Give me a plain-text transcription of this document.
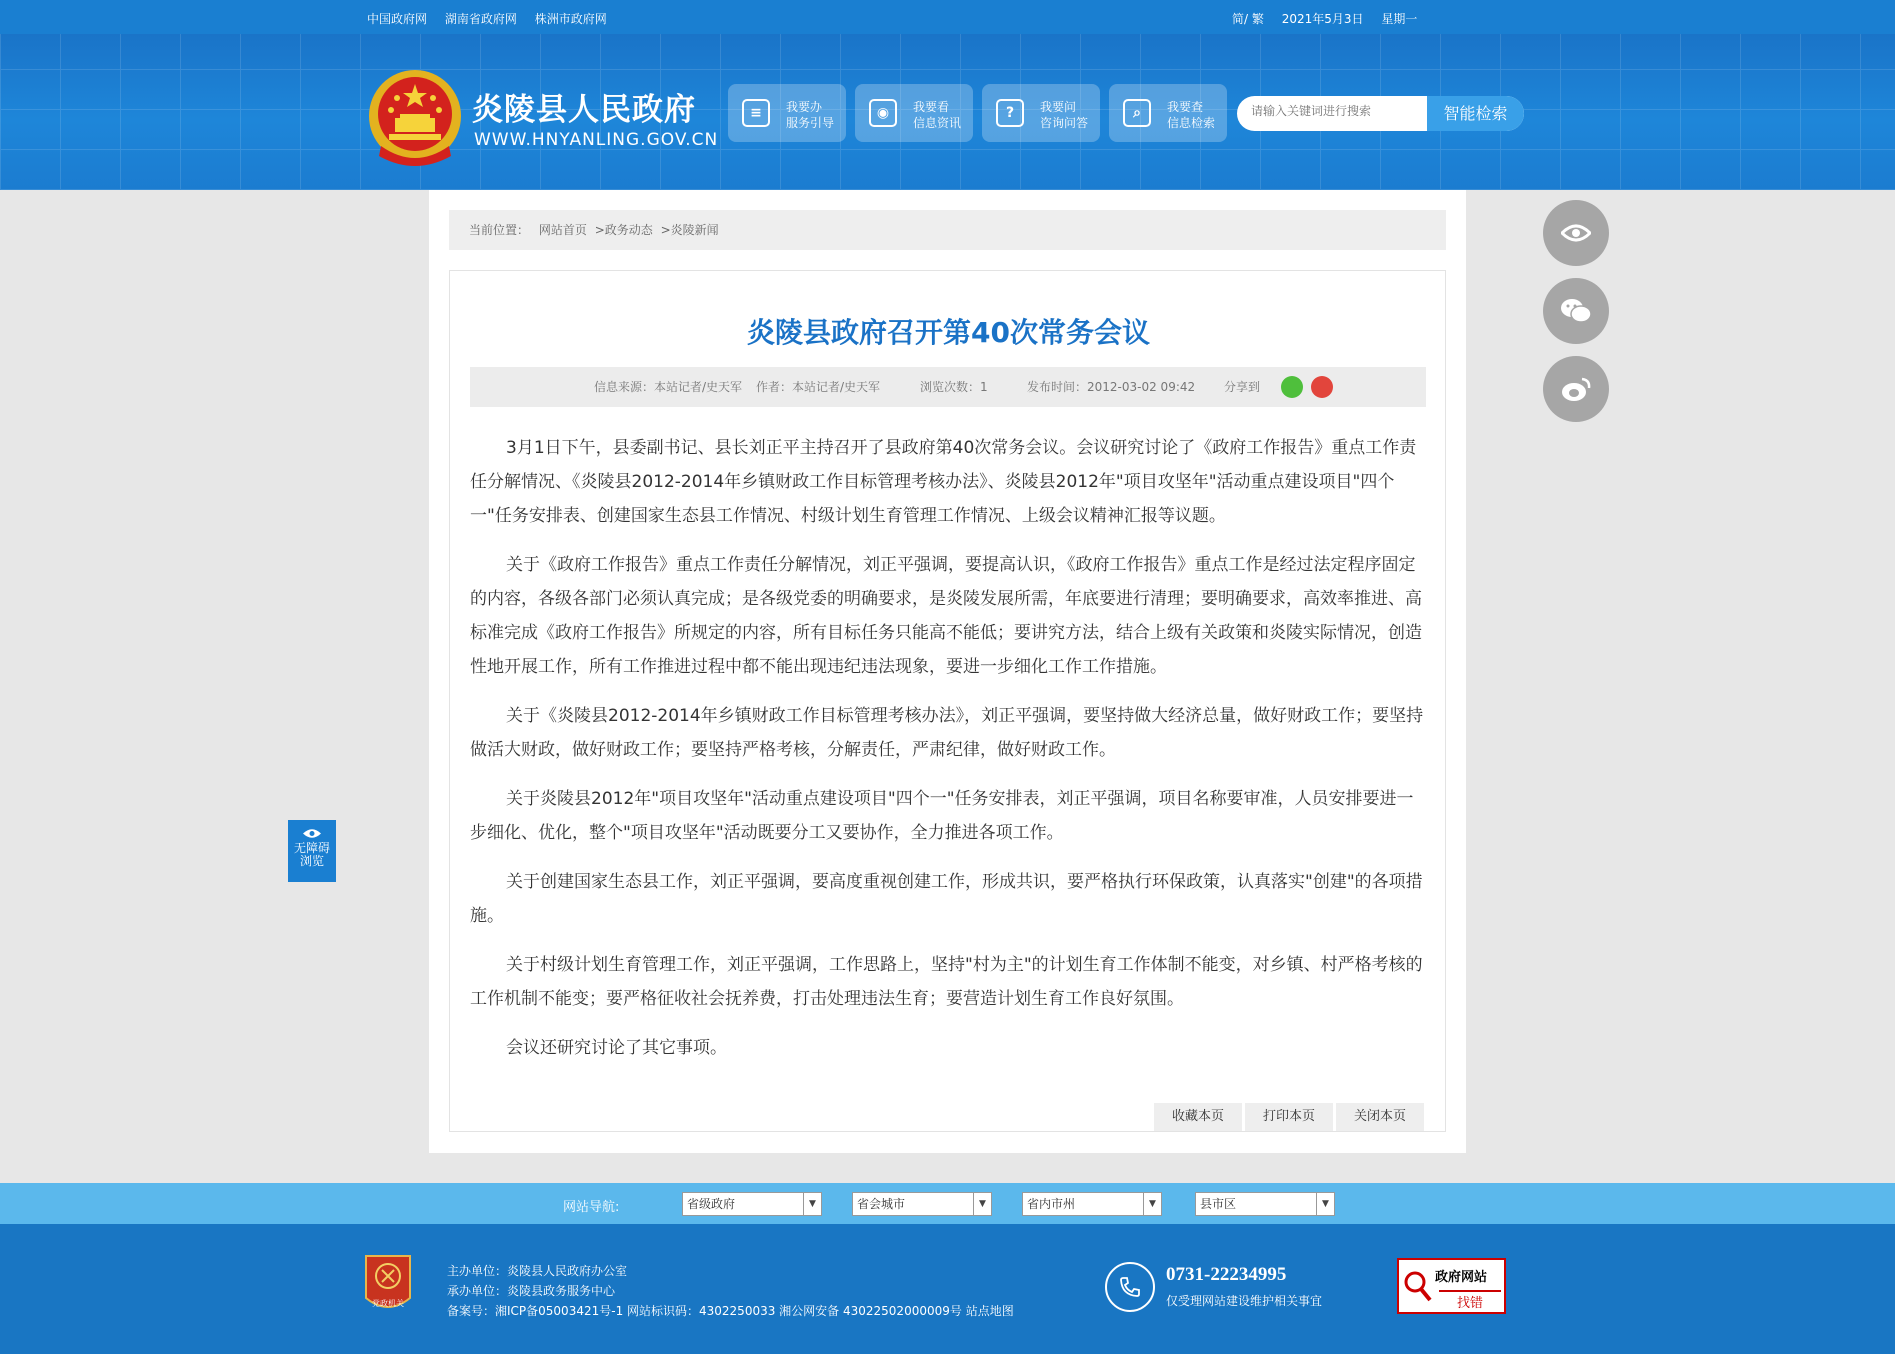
中国政府网 湖南省政府网 株洲市政府网	简/ 繁 2021年5月3日 星期一
炎陵县人民政府
WWW.HNYANLING.GOV.CN
≡	我要办
服务引导
◉	我要看
信息资讯
?	我要问
咨询问答
⌕	我要查
信息检索
请输入关键词进行搜索	智能检索
无障碍
浏览
当前位置： 网站首页 >政务动态 >炎陵新闻
炎陵县政府召开第40次常务会议
信息来源：本站记者/史天军 作者：本站记者/史天军	浏览次数：1	发布时间：2012-03-02 09:42 分享到

3月1日下午，县委副书记、县长刘正平主持召开了县政府第40次常务会议。会议研究讨论了《政府工作报告》重点工作责任分解情况、《炎陵县2012-2014年乡镇财政工作目标管理考核办法》、炎陵县2012年"项目攻坚年"活动重点建设项目"四个一"任务安排表、创建国家生态县工作情况、村级计划生育管理工作情况、上级会议精神汇报等议题。

关于《政府工作报告》重点工作责任分解情况，刘正平强调，要提高认识，《政府工作报告》重点工作是经过法定程序固定的内容，各级各部门必须认真完成；是各级党委的明确要求，是炎陵发展所需，年底要进行清理；要明确要求，高效率推进、高标准完成《政府工作报告》所规定的内容，所有目标任务只能高不能低；要讲究方法，结合上级有关政策和炎陵实际情况，创造性地开展工作，所有工作推进过程中都不能出现违纪违法现象，要进一步细化工作工作措施。

关于《炎陵县2012-2014年乡镇财政工作目标管理考核办法》，刘正平强调，要坚持做大经济总量，做好财政工作；要坚持做活大财政，做好财政工作；要坚持严格考核，分解责任，严肃纪律，做好财政工作。

关于炎陵县2012年"项目攻坚年"活动重点建设项目"四个一"任务安排表，刘正平强调，项目名称要审准，人员安排要进一步细化、优化，整个"项目攻坚年"活动既要分工又要协作，全力推进各项工作。

关于创建国家生态县工作，刘正平强调，要高度重视创建工作，形成共识，要严格执行环保政策，认真落实"创建"的各项措施。

关于村级计划生育管理工作，刘正平强调，工作思路上，坚持"村为主"的计划生育工作体制不能变，对乡镇、村严格考核的工作机制不能变；要严格征收社会抚养费，打击处理违法生育；要营造计划生育工作良好氛围。

会议还研究讨论了其它事项。

收藏本页	打印本页	关闭本页
网站导航:	省级政府	▼	省会城市	▼	省内市州	▼	县市区	▼
党政机关
主办单位：炎陵县人民政府办公室
承办单位：炎陵县政务服务中心
备案号：湘ICP备05003421号-1 网站标识码：4302250033 湘公网安备 43022502000009号 站点地图
0731-22234995
仅受理网站建设维护相关事宜
政府网站
找错
